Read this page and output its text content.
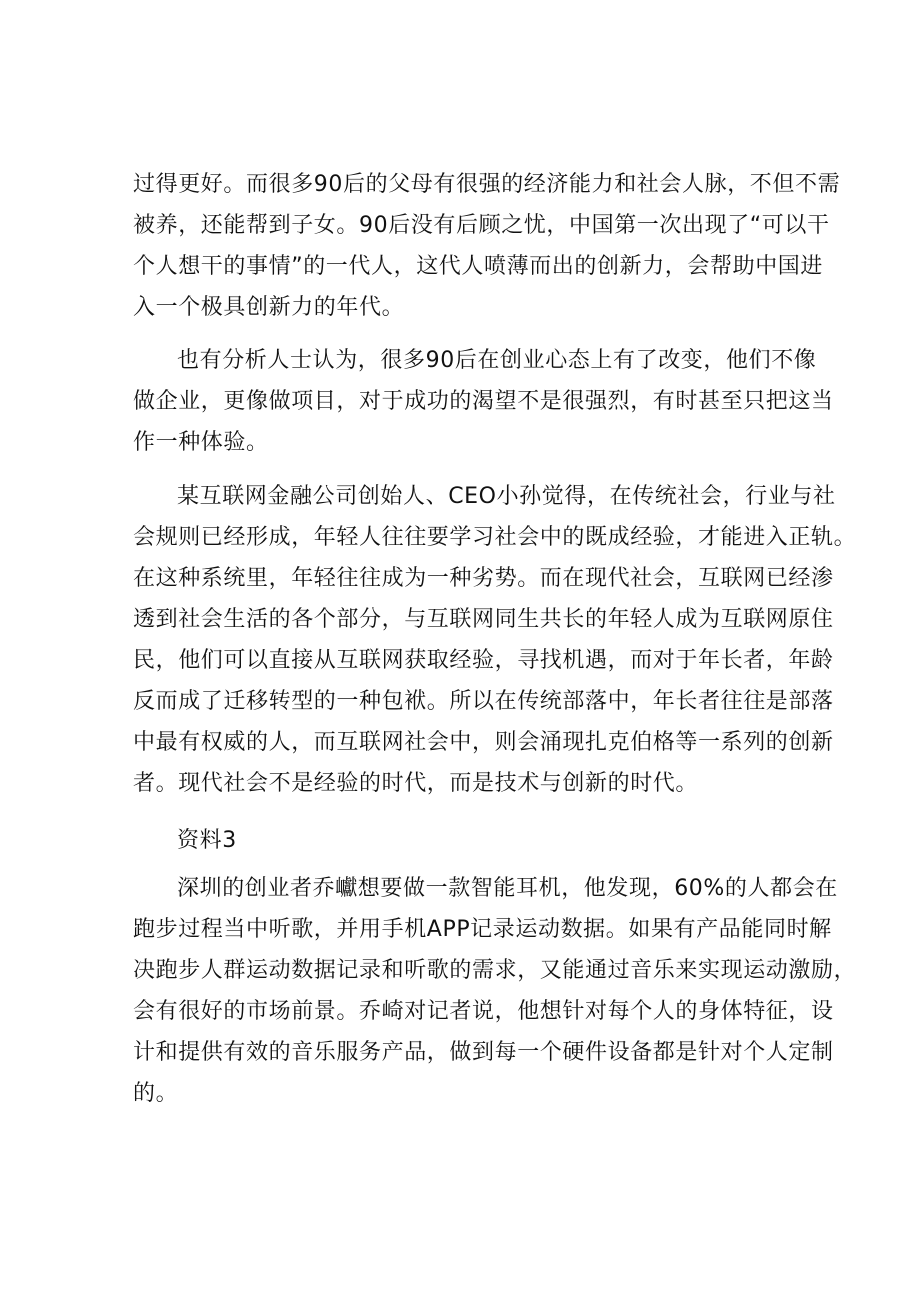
过得更好。而很多90后的父母有很强的经济能力和社会人脉，不但不需
被养，还能帮到子女。90后没有后顾之忧，中国第一次出现了“可以干
个人想干的事情”的一代人，这代人喷薄而出的创新力，会帮助中国进
入一个极具创新力的年代。
也有分析人士认为，很多90后在创业心态上有了改变，他们不像
做企业，更像做项目，对于成功的渴望不是很强烈，有时甚至只把这当
作一种体验。
某互联网金融公司创始人、CEO小孙觉得，在传统社会，行业与社
会规则已经形成，年轻人往往要学习社会中的既成经验，才能进入正轨。
在这种系统里，年轻往往成为一种劣势。而在现代社会，互联网已经渗
透到社会生活的各个部分，与互联网同生共长的年轻人成为互联网原住
民，他们可以直接从互联网获取经验，寻找机遇，而对于年长者，年龄
反而成了迁移转型的一种包袱。所以在传统部落中，年长者往往是部落
中最有权威的人，而互联网社会中，则会涌现扎克伯格等一系列的创新
者。现代社会不是经验的时代，而是技术与创新的时代。
资料3
深圳的创业者乔巘想要做一款智能耳机，他发现，60%的人都会在
跑步过程当中听歌，并用手机APP记录运动数据。如果有产品能同时解
决跑步人群运动数据记录和听歌的需求，又能通过音乐来实现运动激励，
会有很好的市场前景。乔崎对记者说，他想针对每个人的身体特征，设
计和提供有效的音乐服务产品，做到每一个硬件设备都是针对个人定制
的。
